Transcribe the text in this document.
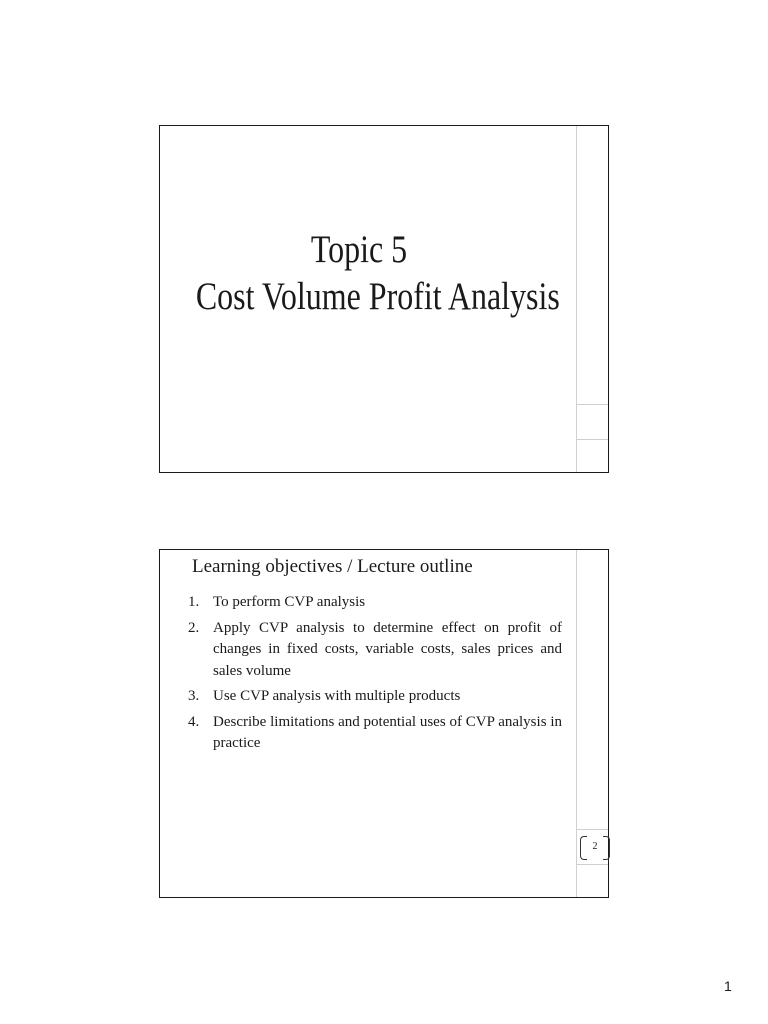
Topic 5
Cost Volume Profit Analysis
Learning objectives / Lecture outline
1. To perform CVP analysis
2. Apply CVP analysis to determine effect on profit of changes in fixed costs, variable costs, sales prices and sales volume
3. Use CVP analysis with multiple products
4. Describe limitations and potential uses of CVP analysis in practice
2
1
